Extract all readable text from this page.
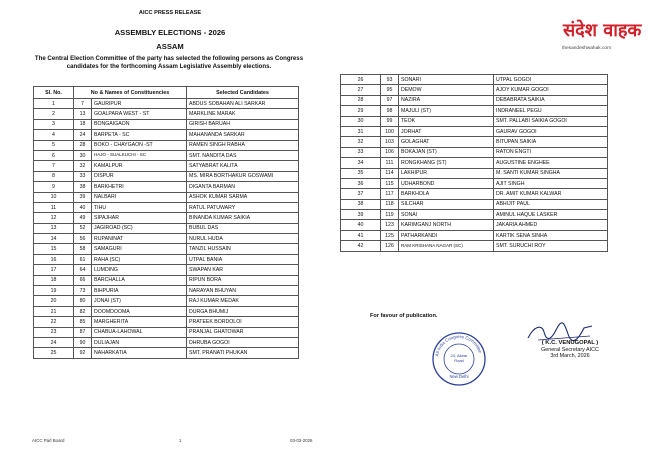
AICC PRESS RELEASE
ASSEMBLY ELECTIONS - 2026
ASSAM
The Central Election Committee of the party has selected the following persons as Congress candidates for the forthcoming Assam Legislative Assembly elections.
Sl. No.	No & Names of Constituencies		Selected Candidates
1	7	GAURIPUR	ABDUS SOBAHAN ALI SARKAR
2	13	GOALPARA WEST - ST	MARKLINE MARAK
3	18	BONGAIGAON	GIRISH BARUAH
4	24	BARPETA - SC	MAHANANDA SARKAR
5	28	BOKO - CHAYGAON -ST	RAMEN SINGH RABHA
6	30	HAJO - SUALKUCHI - SC	SMT. NANDITA DAS
7	32	KAMALPUR	SATYABRAT KALITA
8	33	DISPUR	MS. MIRA BORTHAKUR GOSWAMI
9	38	BARKHETRI	DIGANTA BARMAN
10	39	NALBARI	ASHOK KUMAR SARMA
11	40	TIHU	RATUL PATUWARY
12	49	SIPAJHAR	BINANDA KUMAR SAIKIA
13	52	JAGIROAD (SC)	BUBUL DAS
14	56	RUPANINAT	NURUL HUDA
15	58	SAMAGURI	TANZIL HUSSAIN
16	61	RAHA (SC)	UTPAL BANIA
17	64	LUMDING	SWAPAN KAR
18	66	BARCHALLA	RIPUN BORA
19	73	BIHPURIA	NARAYAN BHUYAN
20	80	JONAI (ST)	RAJ KUMAR MEDAK
21	82	DOOMDOOMA	DURGA BHUMIJ
22	85	MARGHERITA	PRATEEK BORDOLOI
23	87	CHABUA-LAHOWAL	PRANJAL GHATOWAR
24	90	DULIAJAN	DHRUBA GOGOI
25	92	NAHARKATIA	SMT. PRANATI PHUKAN
26	93	SONARI	UTPAL GOGOI
27	95	DEMOW	AJOY KUMAR GOGOI
28	97	NAZIRA	DEBABRATA SAIKIA
29	98	MAJULI (ST)	INDRANEEL PEGU
30	99	TEOK	SMT. PALLABI SAIKIA GOGOI
31	100	JORHAT	GAURAV GOGOI
32	103	GOLAGHAT	BITUPAN SAIKIA
33	106	BOKAJAN (ST)	RATON ENGTI
34	111	RONGKHANG (ST)	AUGUSTINE ENGHEE
35	114	LAKHIPUR	M. SANTI KUMAR SINGHA
36	115	UDHARBOND	AJIT SINGH
37	117	BARKHOLA	DR. AMIT KUMAR KALWAR
38	118	SILCHAR	ABHIJIT PAUL
39	119	SONAI	AMINUL HAQUE LASKER
40	123	KARIMGANJ NORTH	JAKARIA AHMED
41	125	PATHARKANDI	KARTIK SENA SINHA
42	126	RAM KRISHANA NAGAR (SC)	SMT. SURUCHI ROY
For favour of publication.
All India Congress Committee
24, Akbar
Road
New Delhi
( K.C. VENUGOPAL )
General Secretary AICC
3rd March, 2026
संदेश वाहक
thesandeshwahak.com
AICC Parl Board	1	03-03-2026
